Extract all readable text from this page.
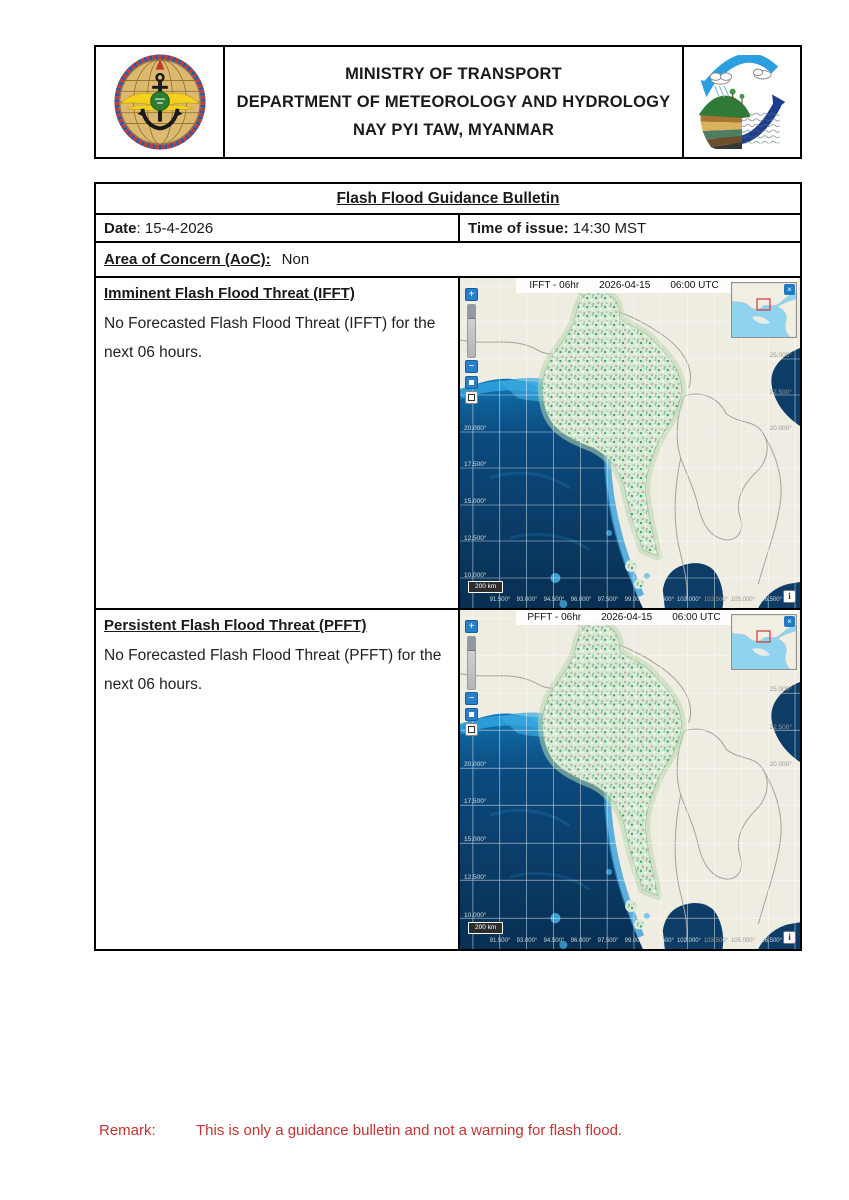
MINISTRY OF TRANSPORT
DEPARTMENT OF METEOROLOGY AND HYDROLOGY
NAY PYI TAW, MYANMAR
Flash Flood Guidance Bulletin
Date : 15-4-2026	Time of issue: 14:30 MST
Area of Concern (AoC): Non
Imminent Flash Flood Threat (IFFT)
No Forecasted Flash Flood Threat (IFFT) for the next 06 hours.
IFFT - 06hr 2026-04-15 06:00 UTC
+
−
×
20.000°
17.500°
15.000°
12.500°
10.000°
25.000°
22.500°
20.000°
91.500°	93.000°	94.500°	96.000°	97.500°	99.000° 100.500° 102.000° 103.500° 105.000° 106.500°
200 km
i
Persistent Flash Flood Threat (PFFT)
No Forecasted Flash Flood Threat (PFFT) for the next 06 hours.
PFFT - 06hr 2026-04-15 06:00 UTC
+
−
×
20.000°
17.500°
15.000°
12.500°
10.000°
25.000°
22.500°
20.000°
91.500°	93.000°	94.500°	96.000°	97.500°	99.000° 100.500° 102.000° 103.500° 105.000° 106.500°
200 km
i
Remark:	This is only a guidance bulletin and not a warning for flash flood.
